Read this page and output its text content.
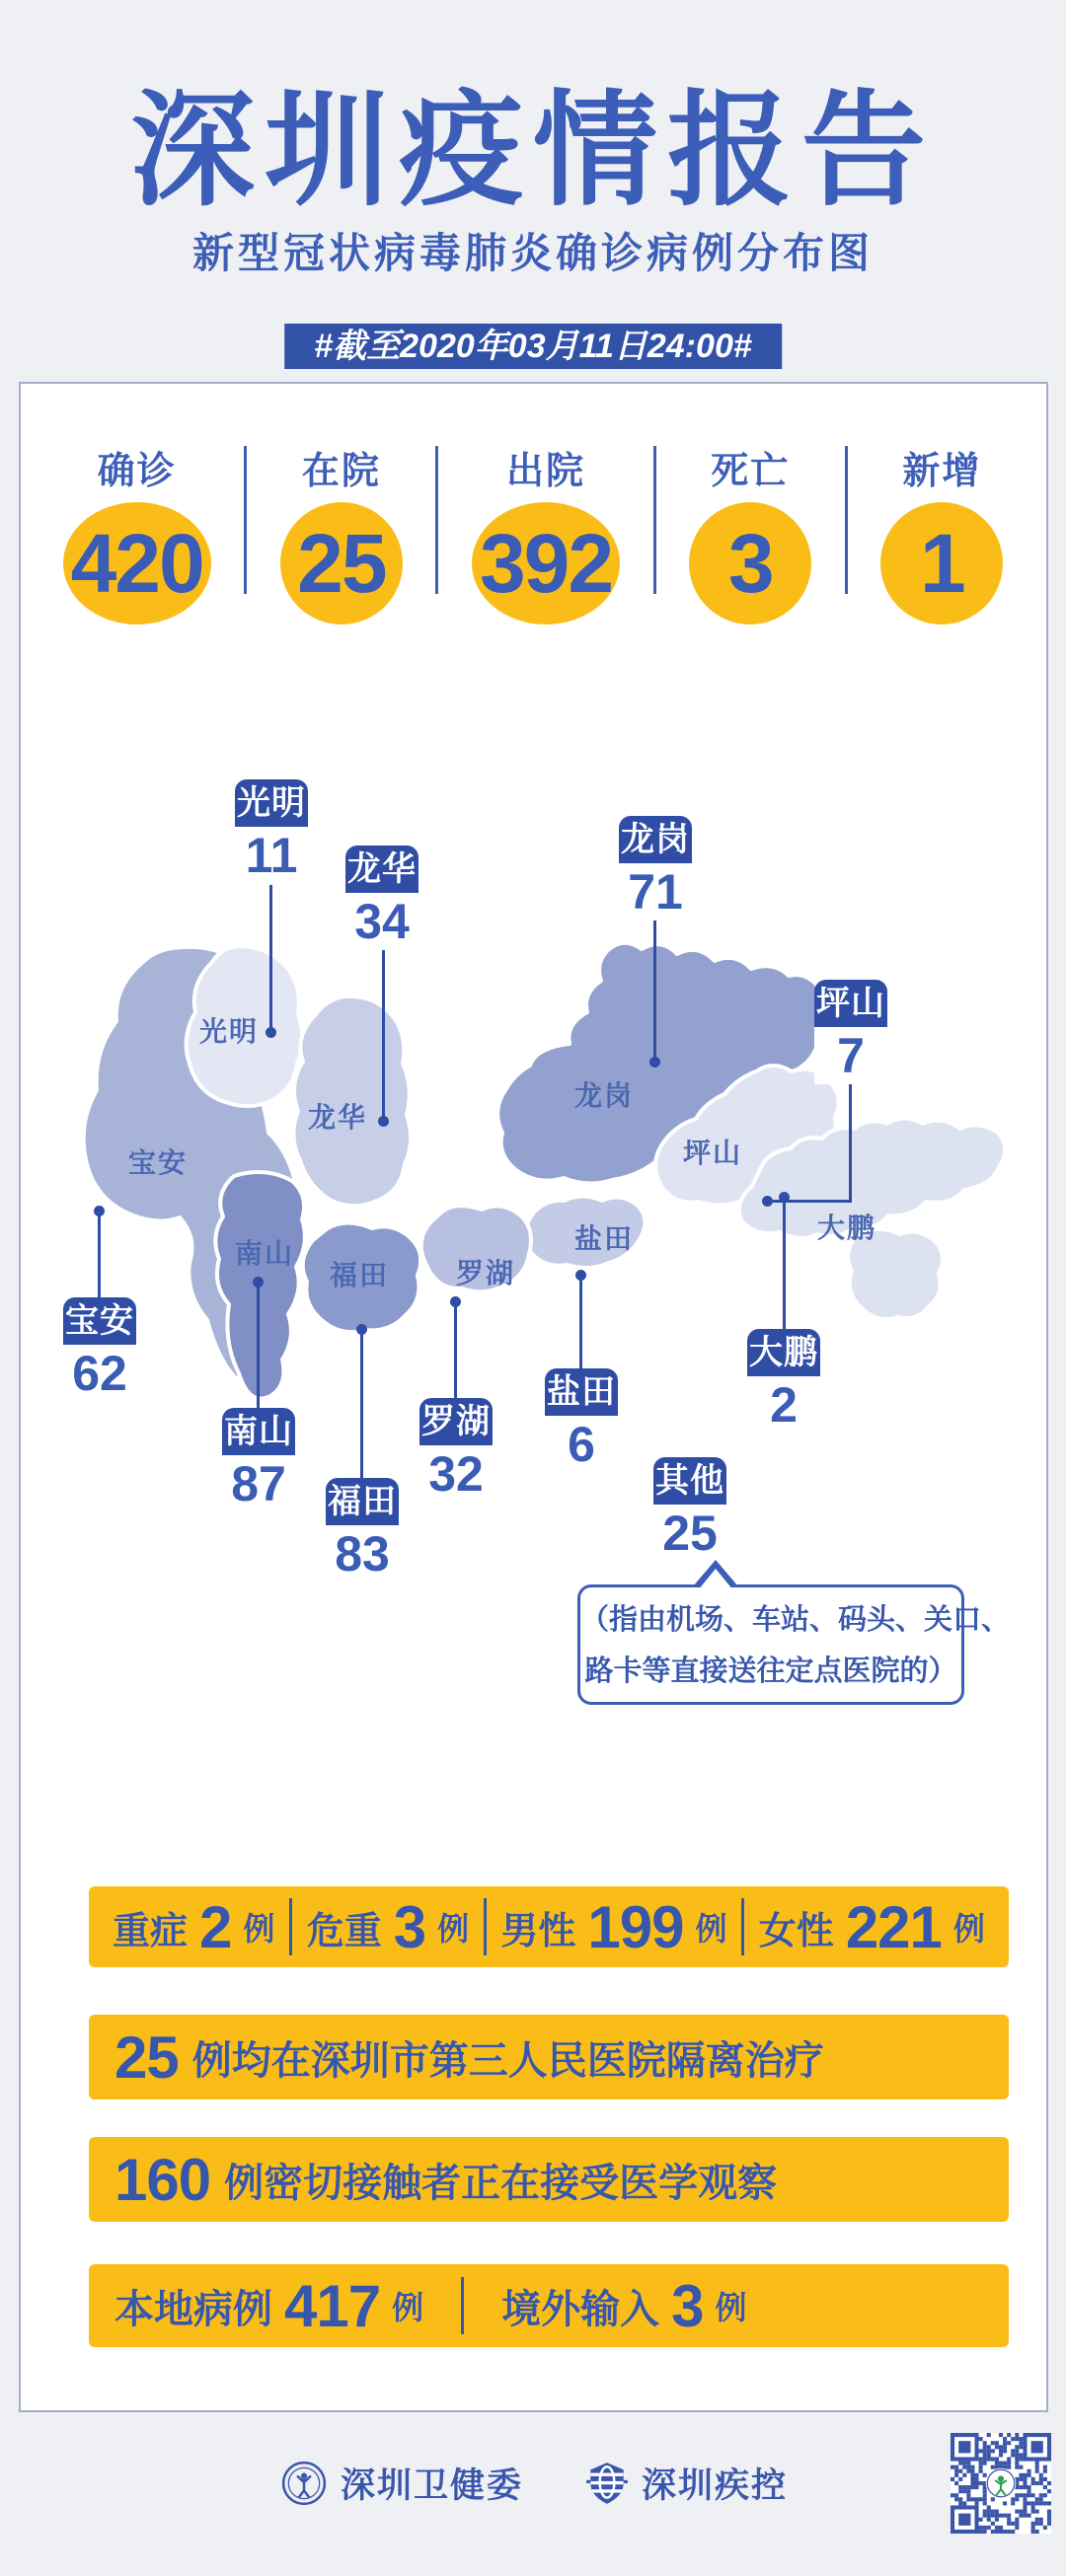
深圳疫情报告
新型冠状病毒肺炎确诊病例分布图
#截至2020年03月11日24:00#
确诊
420
在院
25
出院
392
死亡
3
新增
1
光明
宝安
龙华
龙岗
坪山
盐田
罗湖
福田
南山
大鹏
光明
11	龙华
34
龙岗
71
坪山
7
宝安
62
南山
87 福田
83
罗湖
32
盐田
6
大鹏
2
其他
25
（指由机场、车站、码头、关口、
路卡等直接送往定点医院的）
重症 2 例 危重 3 例 男性 199 例 女性 221 例
25 例均在深圳市第三人民医院隔离治疗
160 例密切接触者正在接受医学观察
本地病例 417 例 境外输入 3 例
深圳卫健委	深圳疾控
